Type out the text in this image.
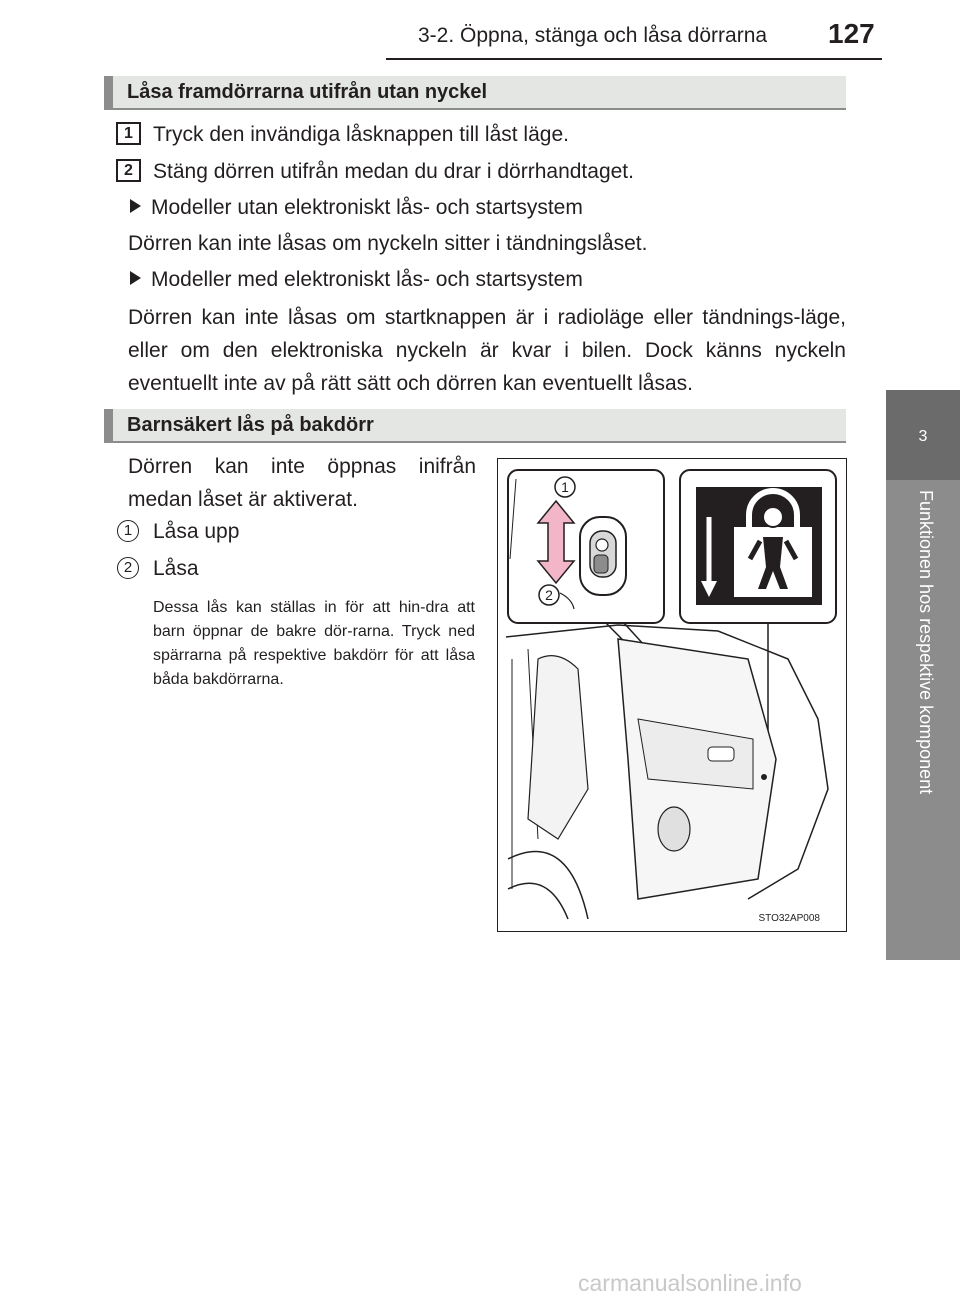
3-2. Öppna, stänga och låsa dörrarna 127
3
Funktionen hos respektive komponent
Låsa framdörrarna utifrån utan nyckel
1 Tryck den invändiga låsknappen till låst läge.
2 Stäng dörren utifrån medan du drar i dörrhandtaget.
Modeller utan elektroniskt lås- och startsystem
Dörren kan inte låsas om nyckeln sitter i tändningslåset.
Modeller med elektroniskt lås- och startsystem
Dörren kan inte låsas om startknappen är i radioläge eller tändnings-läge, eller om den elektroniska nyckeln är kvar i bilen. Dock känns nyckeln eventuellt inte av på rätt sätt och dörren kan eventuellt låsas.
Barnsäkert lås på bakdörr
Dörren kan inte öppnas inifrån medan låset är aktiverat.
1 Låsa upp
2 Låsa
Dessa lås kan ställas in för att hin-dra att barn öppnar de bakre dör-rarna. Tryck ned spärrarna på respektive bakdörr för att låsa båda bakdörrarna.
1
2
STO32AP008
carmanualsonline.info
